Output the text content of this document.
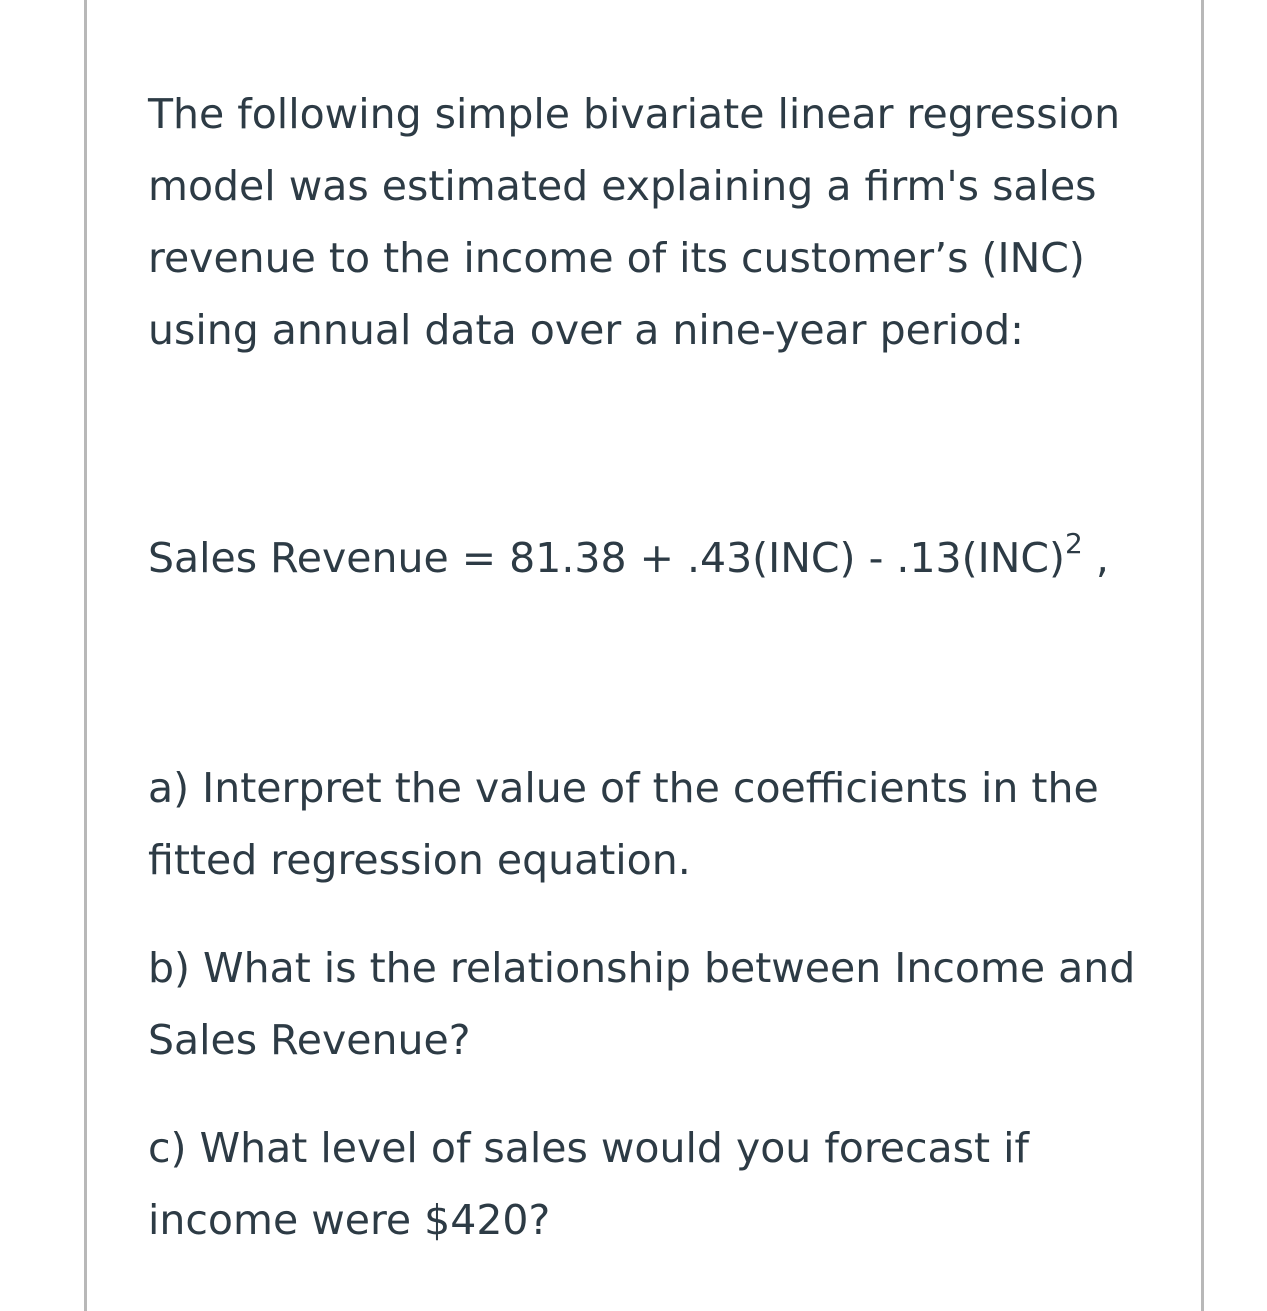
The following simple bivariate linear regression model was estimated explaining a firm's sales revenue to the income of its customer’s (INC) using annual data over a nine-year period:

Sales Revenue = 81.38 + .43(INC) - .13(INC)$^2$ ,

a) Interpret the value of the coefficients in the fitted regression equation.

b) What is the relationship between Income and Sales Revenue?

c) What level of sales would you forecast if income were $420?
